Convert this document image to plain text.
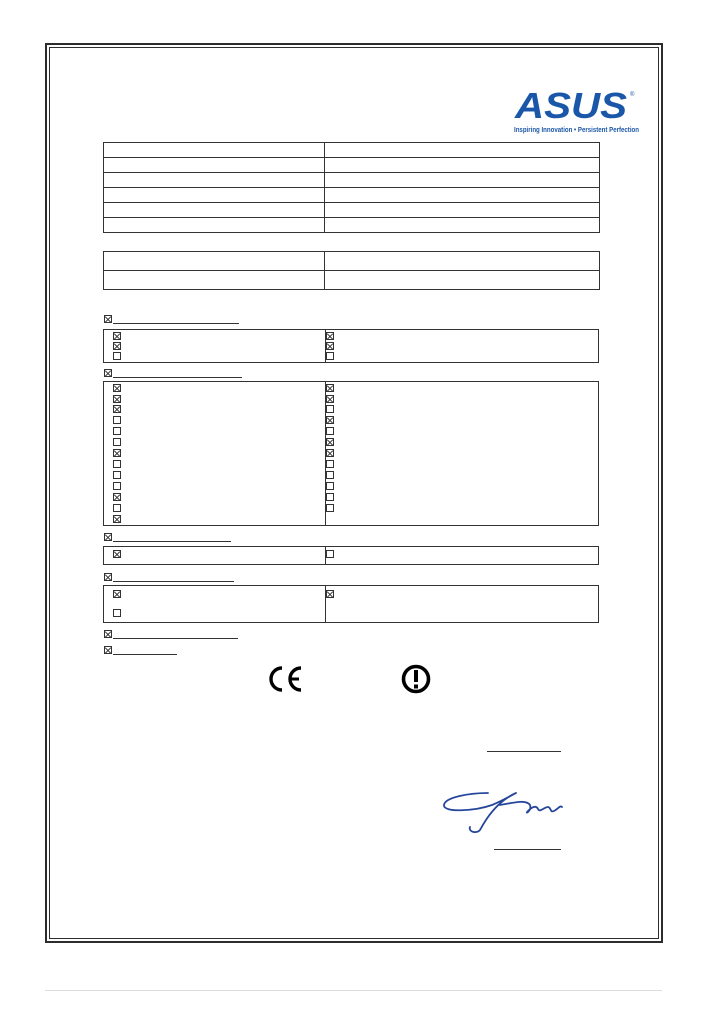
ASUS ®
Inspiring Innovation • Persistent Perfection
